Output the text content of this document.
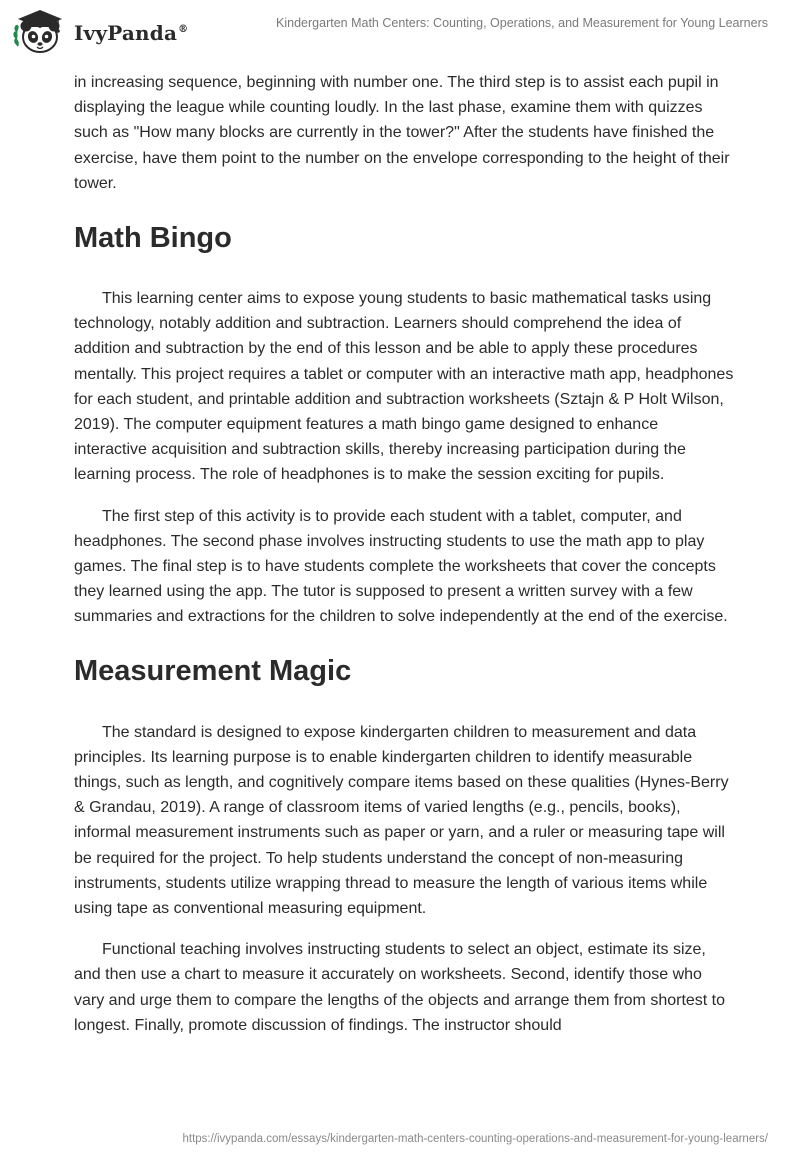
IvyPanda®	Kindergarten Math Centers: Counting, Operations, and Measurement for Young Learners

in increasing sequence, beginning with number one. The third step is to assist each pupil in displaying the league while counting loudly. In the last phase, examine them with quizzes such as "How many blocks are currently in the tower?" After the students have finished the exercise, have them point to the number on the envelope corresponding to the height of their tower.

Math Bingo

This learning center aims to expose young students to basic mathematical tasks using technology, notably addition and subtraction. Learners should comprehend the idea of addition and subtraction by the end of this lesson and be able to apply these procedures mentally. This project requires a tablet or computer with an interactive math app, headphones for each student, and printable addition and subtraction worksheets (Sztajn & P Holt Wilson, 2019). The computer equipment features a math bingo game designed to enhance interactive acquisition and subtraction skills, thereby increasing participation during the learning process. The role of headphones is to make the session exciting for pupils.

The first step of this activity is to provide each student with a tablet, computer, and headphones. The second phase involves instructing students to use the math app to play games. The final step is to have students complete the worksheets that cover the concepts they learned using the app. The tutor is supposed to present a written survey with a few summaries and extractions for the children to solve independently at the end of the exercise.

Measurement Magic

The standard is designed to expose kindergarten children to measurement and data principles. Its learning purpose is to enable kindergarten children to identify measurable things, such as length, and cognitively compare items based on these qualities (Hynes-Berry & Grandau, 2019). A range of classroom items of varied lengths (e.g., pencils, books), informal measurement instruments such as paper or yarn, and a ruler or measuring tape will be required for the project. To help students understand the concept of non-measuring instruments, students utilize wrapping thread to measure the length of various items while using tape as conventional measuring equipment.

Functional teaching involves instructing students to select an object, estimate its size, and then use a chart to measure it accurately on worksheets. Second, identify those who vary and urge them to compare the lengths of the objects and arrange them from shortest to longest. Finally, promote discussion of findings. The instructor should

https://ivypanda.com/essays/kindergarten-math-centers-counting-operations-and-measurement-for-young-learners/
